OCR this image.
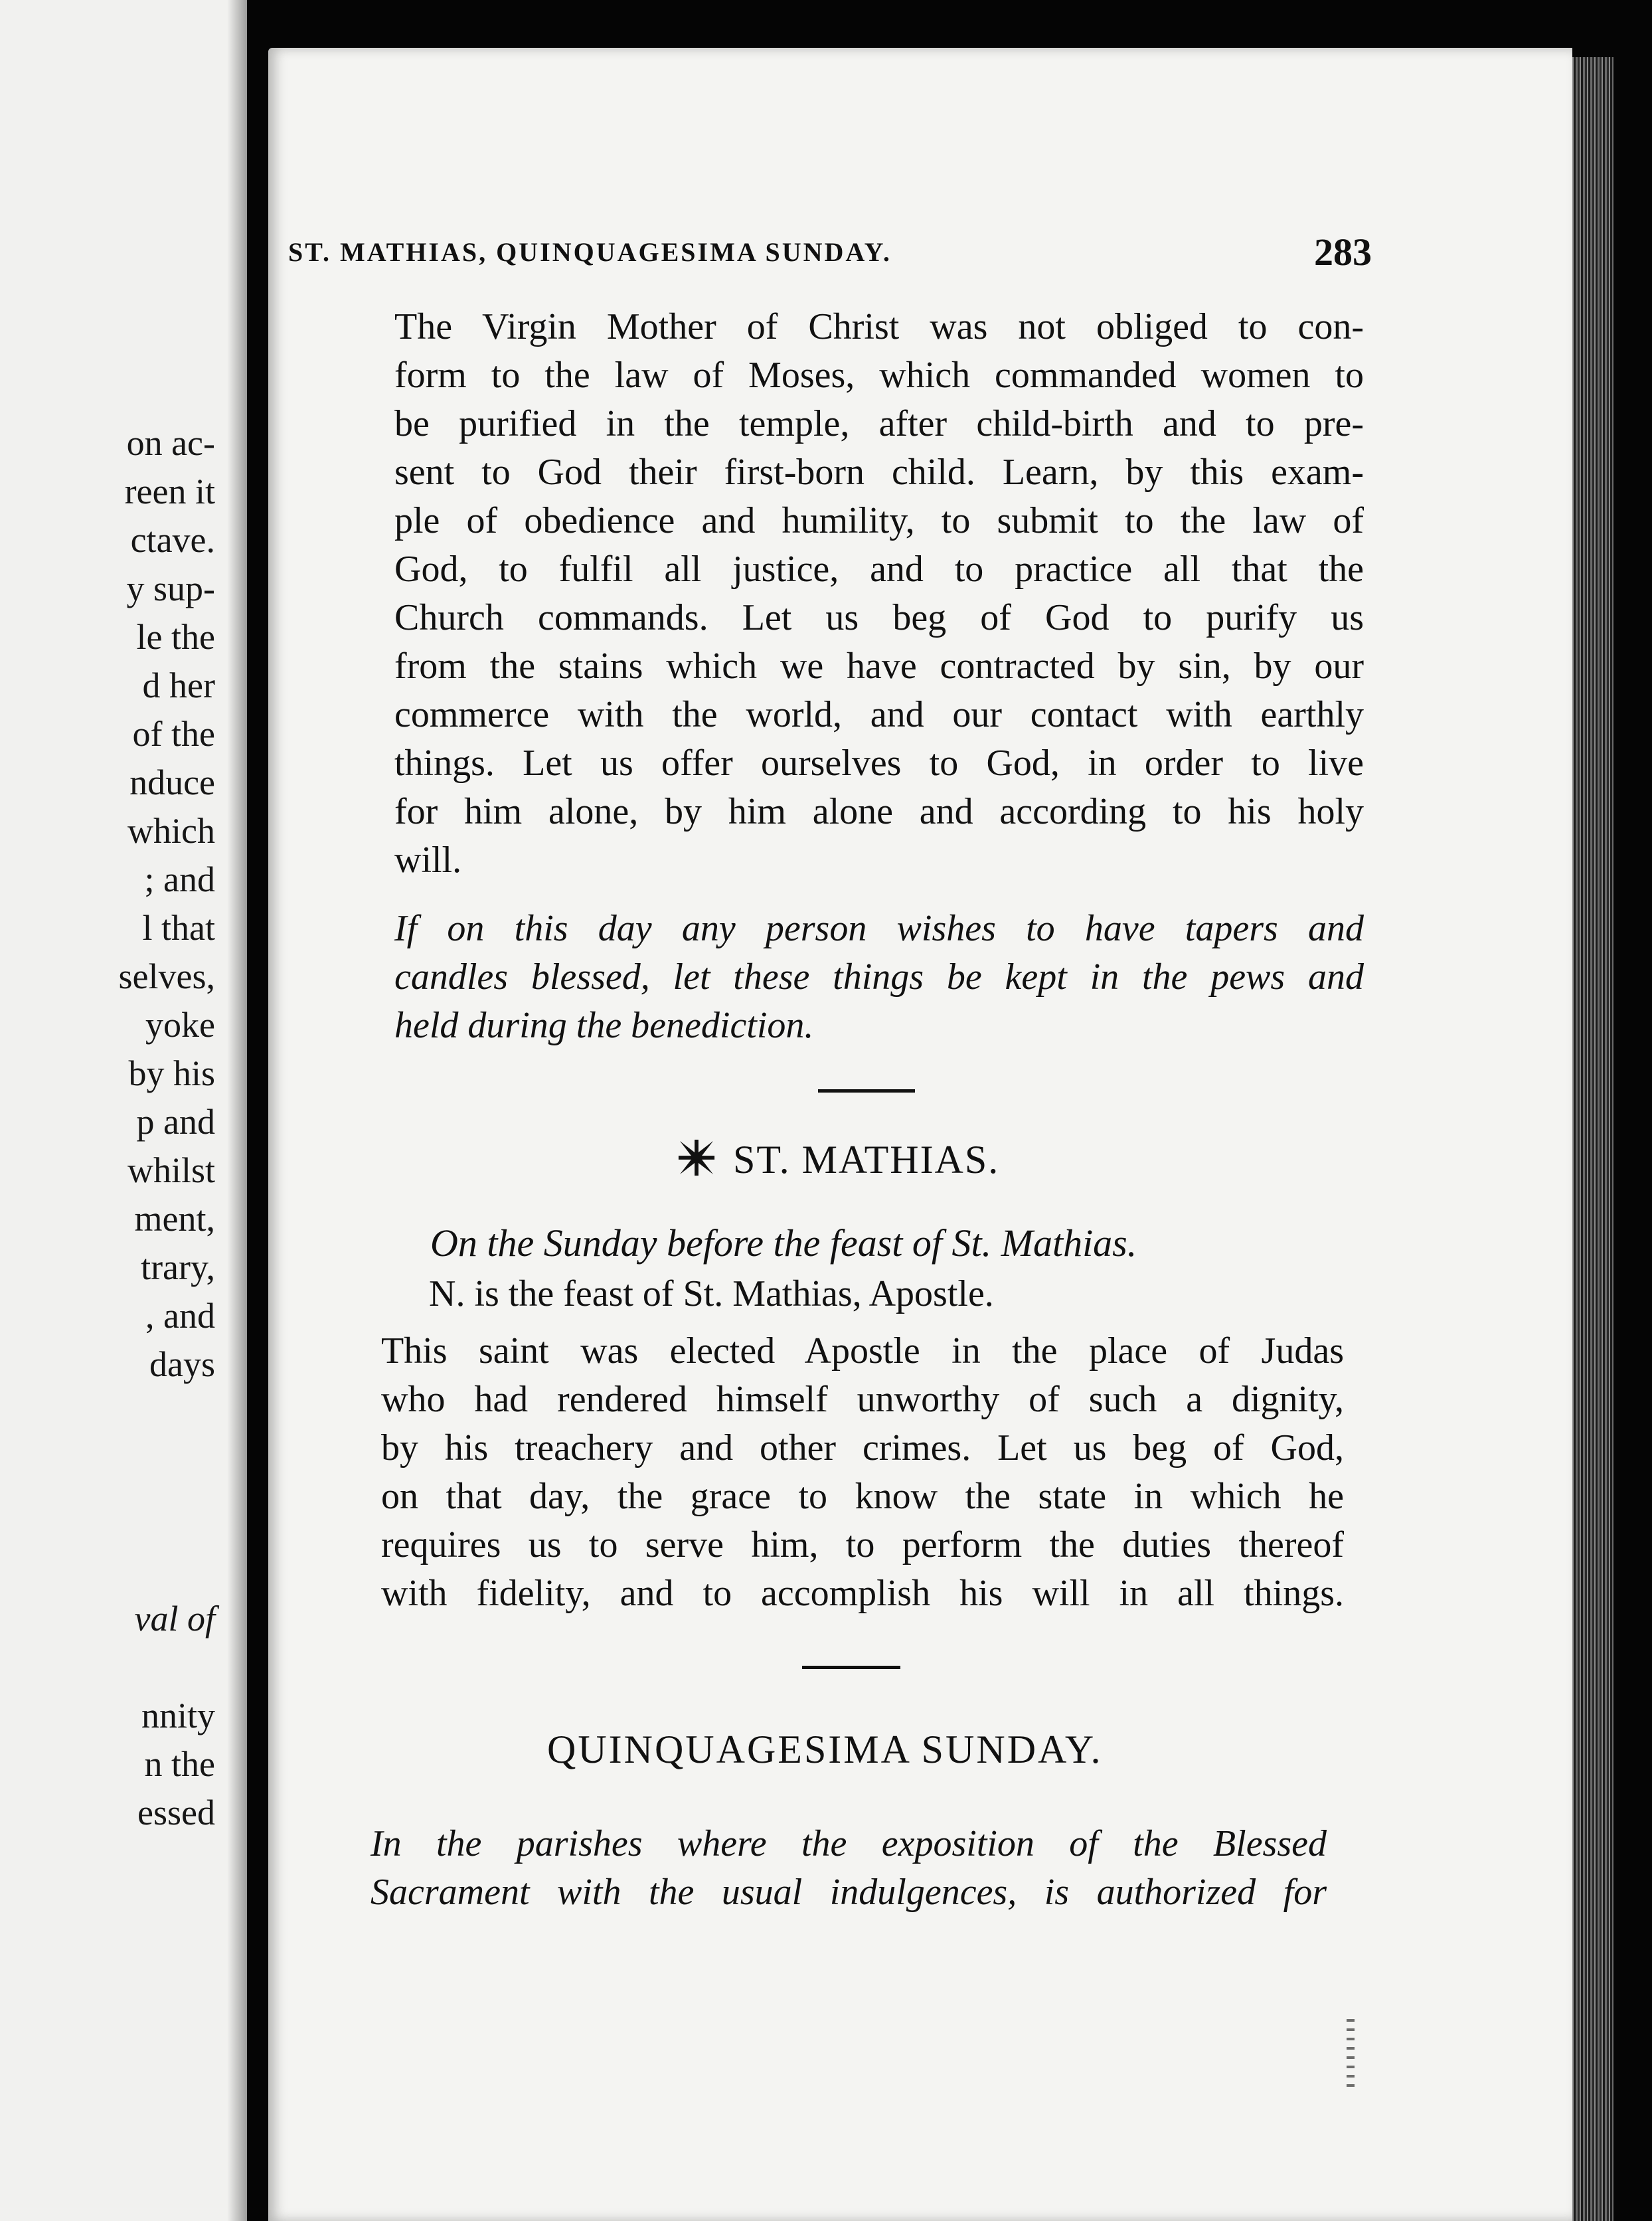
on ac-
reen it
ctave.
y sup-
le the
d her
of the
nduce
which
; and
l that
selves,
yoke
by his
p and
whilst
ment,
trary,
, and
days
val of
nnity
n the
essed
ST. MATHIAS, QUINQUAGESIMA SUNDAY.	283
The Virgin Mother of Christ was not obliged to con-
form to the law of Moses, which commanded women to
be purified in the temple, after child-birth and to pre-
sent to God their first-born child. Learn, by this exam-
ple of obedience and humility, to submit to the law of
God, to fulfil all justice, and to practice all that the
Church commands. Let us beg of God to purify us
from the stains which we have contracted by sin, by our
commerce with the world, and our contact with earthly
things. Let us offer ourselves to God, in order to live
for him alone, by him alone and according to his holy
will.
If on this day any person wishes to have tapers and
candles blessed, let these things be kept in the pews and
held during the benediction.
ST. MATHIAS.
On the Sunday before the feast of St. Mathias.
N. is the feast of St. Mathias, Apostle.
This saint was elected Apostle in the place of Judas
who had rendered himself unworthy of such a dignity,
by his treachery and other crimes. Let us beg of God,
on that day, the grace to know the state in which he
requires us to serve him, to perform the duties thereof
with fidelity, and to accomplish his will in all things.
QUINQUAGESIMA SUNDAY.
In the parishes where the exposition of the Blessed
Sacrament with the usual indulgences, is authorized for
